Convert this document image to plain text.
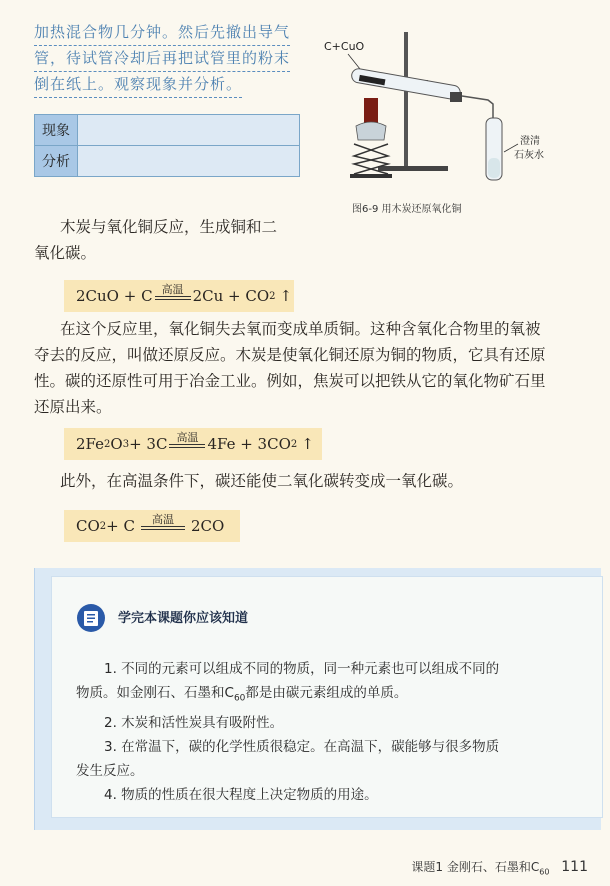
加热混合物几分钟。然后先撤出导气
管，待试管冷却后再把试管里的粉末
倒在纸上。观察现象并分析。
现象	
分析	
C+CuO
澄清
石灰水
图6-9 用木炭还原氧化铜
木炭与氧化铜反应，生成铜和二
氧化碳。
2CuO + C 高温 2Cu + CO 2 ↑
在这个反应里，氧化铜失去氧而变成单质铜。这种含氧化合物里的氧被
夺去的反应，叫做还原反应。木炭是使氧化铜还原为铜的物质，它具有还原
性。碳的还原性可用于冶金工业。例如，焦炭可以把铁从它的氧化物矿石里
还原出来。
2Fe 2 O 3 + 3C 高温 4Fe + 3CO 2 ↑
此外，在高温条件下，碳还能使二氧化碳转变成一氧化碳。
CO 2 + C 高温 2CO
学完本课题你应该知道
1. 不同的元素可以组成不同的物质，同一种元素也可以组成不同的
物质。如金刚石、石墨和$C_{60}$都是由碳元素组成的单质。
2. 木炭和活性炭具有吸附性。
3. 在常温下，碳的化学性质很稳定。在高温下，碳能够与很多物质
发生反应。
4. 物质的性质在很大程度上决定物质的用途。
课题1 金刚石、石墨和$C_{60}$ 111
